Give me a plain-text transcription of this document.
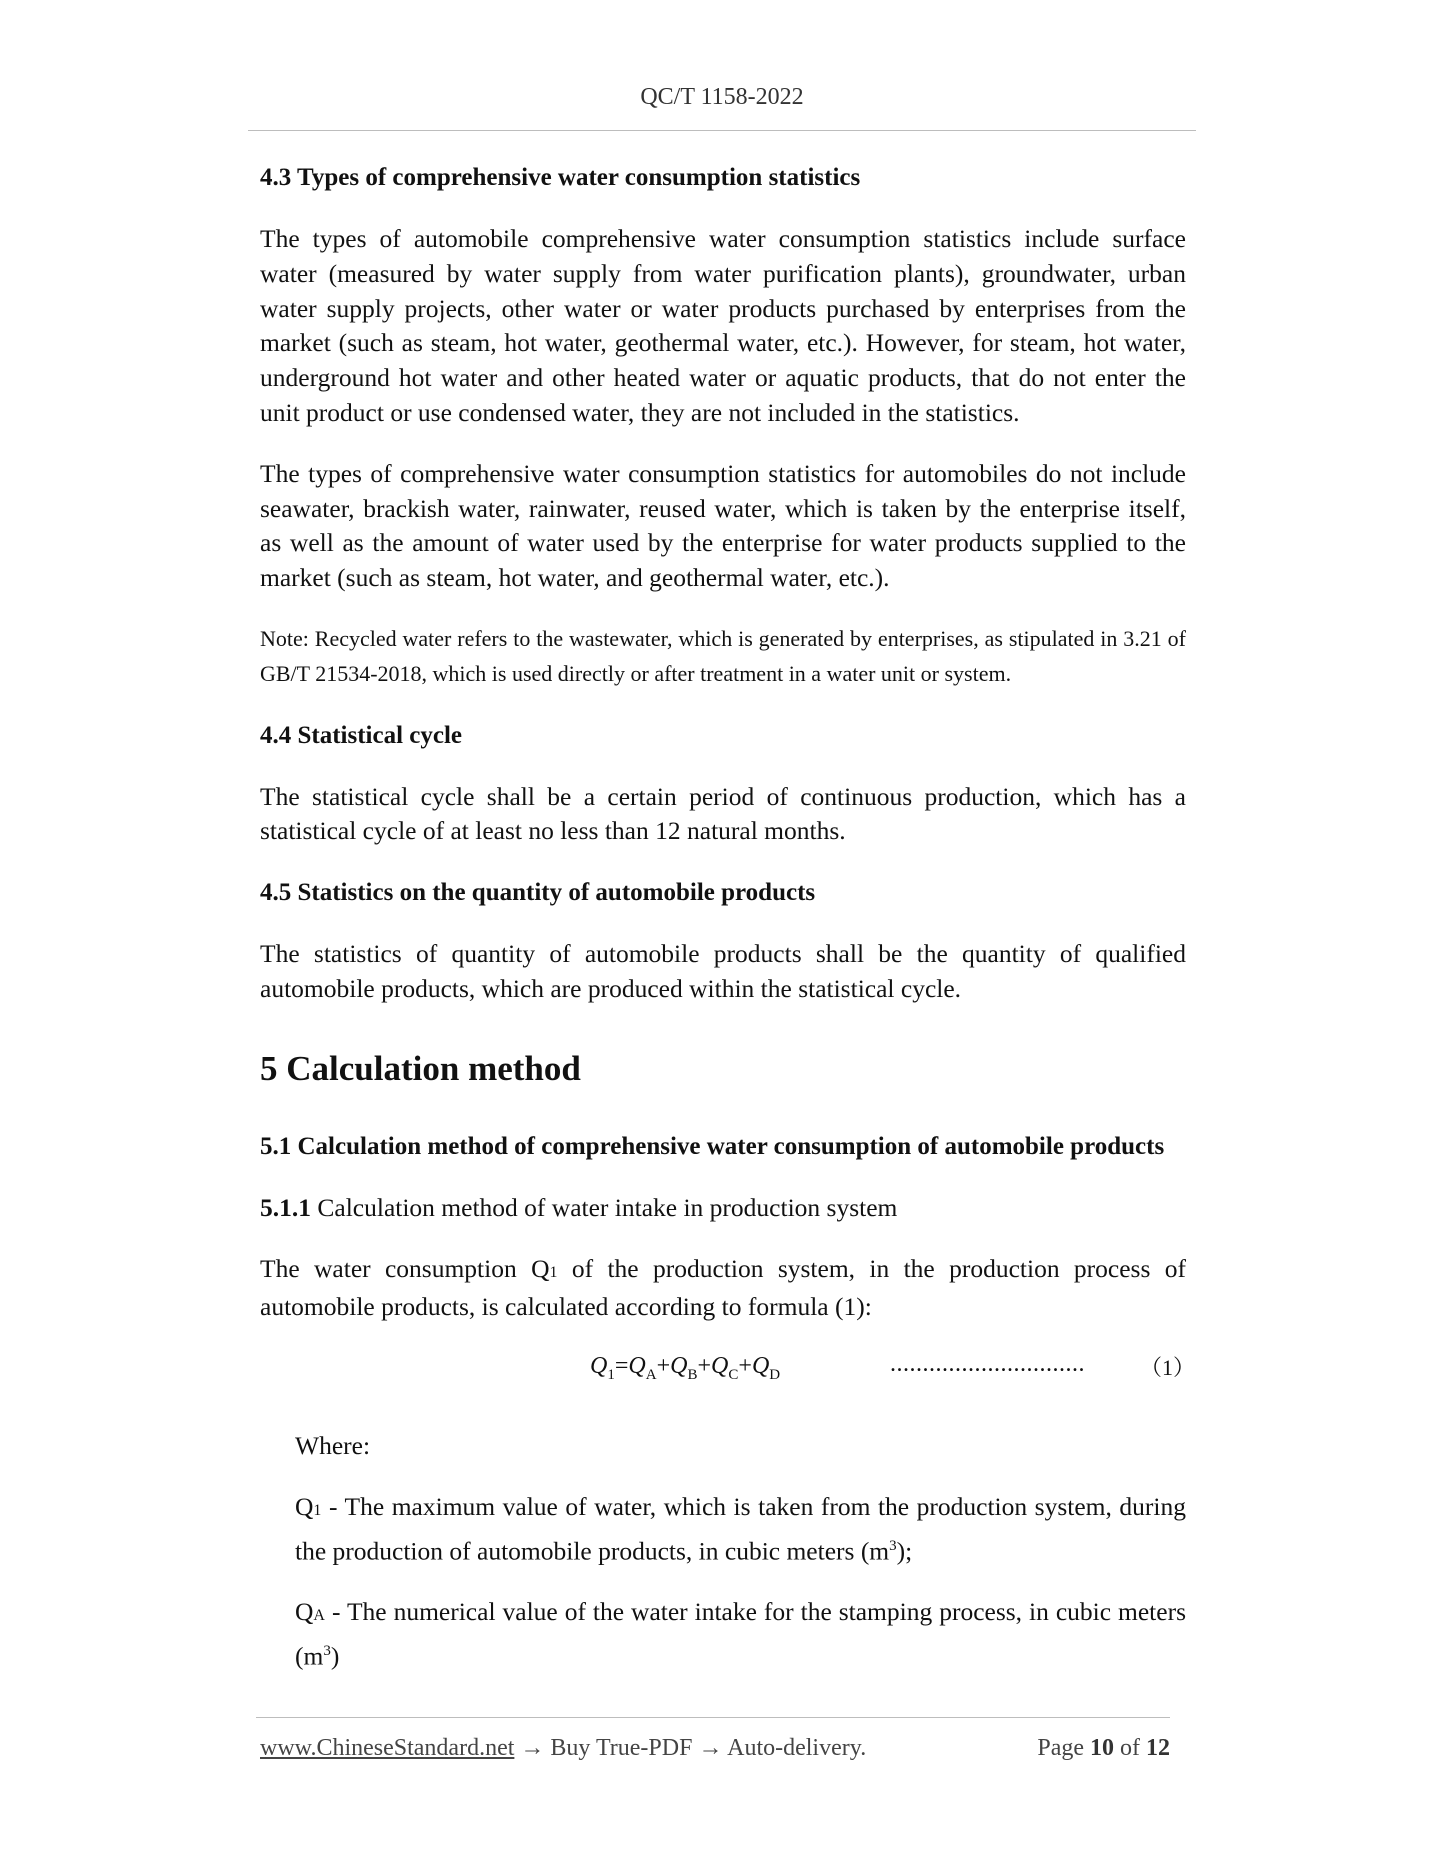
QC/T 1158-2022
4.3 Types of comprehensive water consumption statistics
The types of automobile comprehensive water consumption statistics include surface water (measured by water supply from water purification plants), groundwater, urban water supply projects, other water or water products purchased by enterprises from the market (such as steam, hot water, geothermal water, etc.). However, for steam, hot water, underground hot water and other heated water or aquatic products, that do not enter the unit product or use condensed water, they are not included in the statistics.
The types of comprehensive water consumption statistics for automobiles do not include seawater, brackish water, rainwater, reused water, which is taken by the enterprise itself, as well as the amount of water used by the enterprise for water products supplied to the market (such as steam, hot water, and geothermal water, etc.).
Note: Recycled water refers to the wastewater, which is generated by enterprises, as stipulated in 3.21 of GB/T 21534-2018, which is used directly or after treatment in a water unit or system.
4.4 Statistical cycle
The statistical cycle shall be a certain period of continuous production, which has a statistical cycle of at least no less than 12 natural months.
4.5 Statistics on the quantity of automobile products
The statistics of quantity of automobile products shall be the quantity of qualified automobile products, which are produced within the statistical cycle.
5 Calculation method
5.1 Calculation method of comprehensive water consumption of automobile products
5.1.1 Calculation method of water intake in production system
The water consumption Q1 of the production system, in the production process of automobile products, is calculated according to formula (1):
$Q_1=Q_A+Q_B+Q_C+Q_D$	..............................	（1）
Where:
Q1 - The maximum value of water, which is taken from the production system, during the production of automobile products, in cubic meters $(m^3)$;
QA - The numerical value of the water intake for the stamping process, in cubic meters $(m^3)$
www.ChineseStandard.net → Buy True-PDF → Auto-delivery.	Page 10 of 12
